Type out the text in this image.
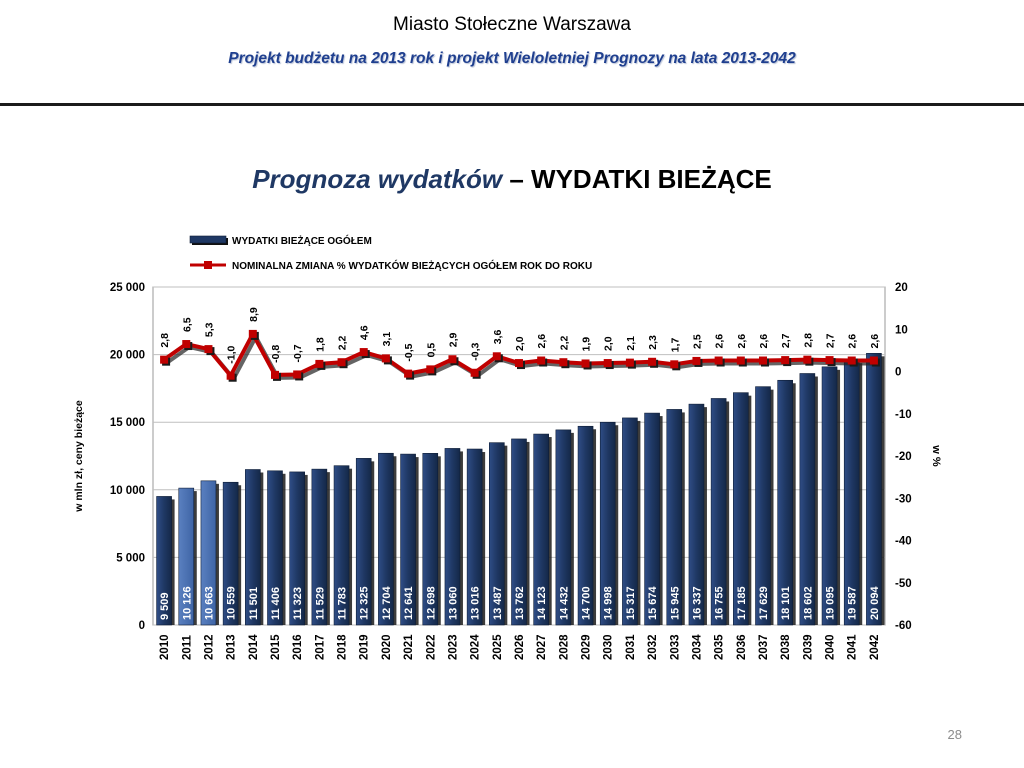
Miasto Stołeczne Warszawa
Projekt budżetu na 2013 rok i projekt Wieloletniej Prognozy na lata 2013-2042
Prognoza wydatków – WYDATKI BIEŻĄCE
0
5 000
10 000
15 000
20 000
25 000
-60
-50
-40
-30
-20
-10
0
10
20
w mln zł, ceny bieżące	w %
9 509 10 126 10 663 10 559 11 501 11 406 11 323 11 529 11 783 12 325 12 704 12 641 12 698 13 060 13 016 13 487 13 762 14 123 14 432 14 700 14 998 15 317 15 674 15 945 16 337 16 755 17 185 17 629 18 101 18 602 19 095 19 587 20 094
2,8
6,5 5,3
-1,0
8,9
-0,8 -0,7 1,8 2,2
4,6 3,1
-0,5 0,5
2,9
-0,3
3,6 2,0 2,6 2,2 1,9 2,0 2,1 2,3 1,7 2,5 2,6 2,6 2,6 2,7 2,8 2,7 2,6 2,6
2010 2011 2012 2013 2014 2015 2016 2017 2018 2019 2020 2021 2022 2023 2024 2025 2026 2027 2028 2029 2030 2031 2032 2033 2034 2035 2036 2037 2038 2039 2040 2041 2042
WYDATKI BIEŻĄCE OGÓŁEM
NOMINALNA ZMIANA % WYDATKÓW BIEŻĄCYCH OGÓŁEM ROK DO ROKU
28
